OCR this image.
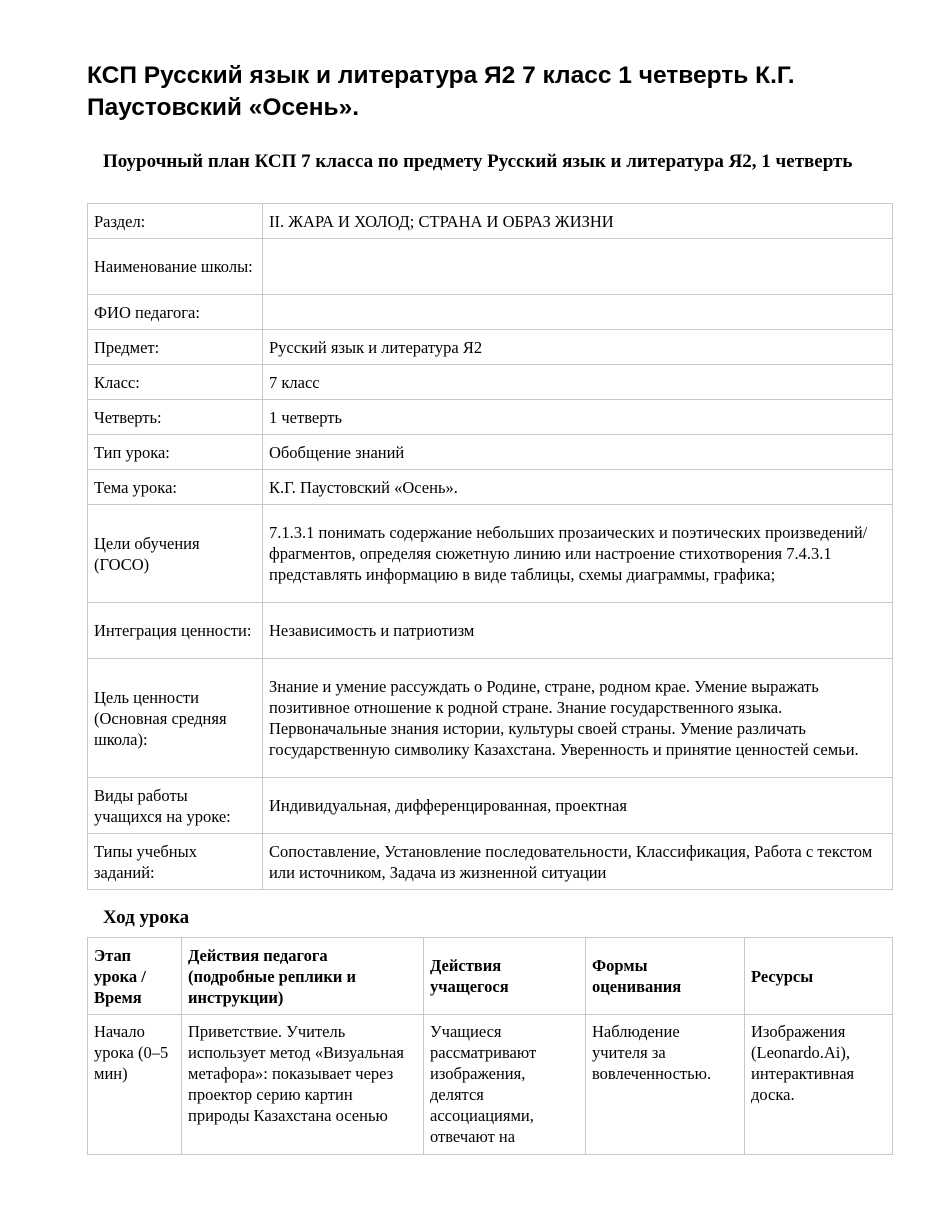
КСП Русский язык и литература Я2 7 класс 1 четверть К.Г. Паустовский «Осень».

Поурочный план КСП 7 класса по предмету Русский язык и литература Я2, 1 четверть

Раздел:	II. ЖАРА И ХОЛОД; СТРАНА И ОБРАЗ ЖИЗНИ
Наименование школы:	
ФИО педагога:	
Предмет:	Русский язык и литература Я2
Класс:	7 класс
Четверть:	1 четверть
Тип урока:	Обобщение знаний
Тема урока:	К.Г. Паустовский «Осень».
Цели обучения (ГОСО)	7.1.3.1 понимать содержание небольших прозаических и поэтических произведений/ фрагментов, определяя сюжетную линию или настроение стихотворения 7.4.3.1 представлять информацию в виде таблицы, схемы диаграммы, графика;
Интеграция ценности:	Независимость и патриотизм
Цель ценности (Основная средняя школа):	Знание и умение рассуждать о Родине, стране, родном крае. Умение выражать позитивное отношение к родной стране. Знание государственного языка. Первоначальные знания истории, культуры своей страны. Умение различать государственную символику Казахстана. Уверенность и принятие ценностей семьи.
Виды работы учащихся на уроке:	Индивидуальная, дифференцированная, проектная
Типы учебных заданий:	Сопоставление, Установление последовательности, Классификация, Работа с текстом или источником, Задача из жизненной ситуации

Ход урока

Этап урока / Время	Действия педагога (подробные реплики и инструкции)	Действия учащегося	Формы оценивания	Ресурсы
Начало урока (0–5 мин)	Приветствие. Учитель использует метод «Визуальная метафора»: показывает через проектор серию картин природы Казахстана осенью	Учащиеся рассматривают изображения, делятся ассоциациями, отвечают на	Наблюдение учителя за вовлеченностью.	Изображения (Leonardo.Ai), интерактивная доска.
